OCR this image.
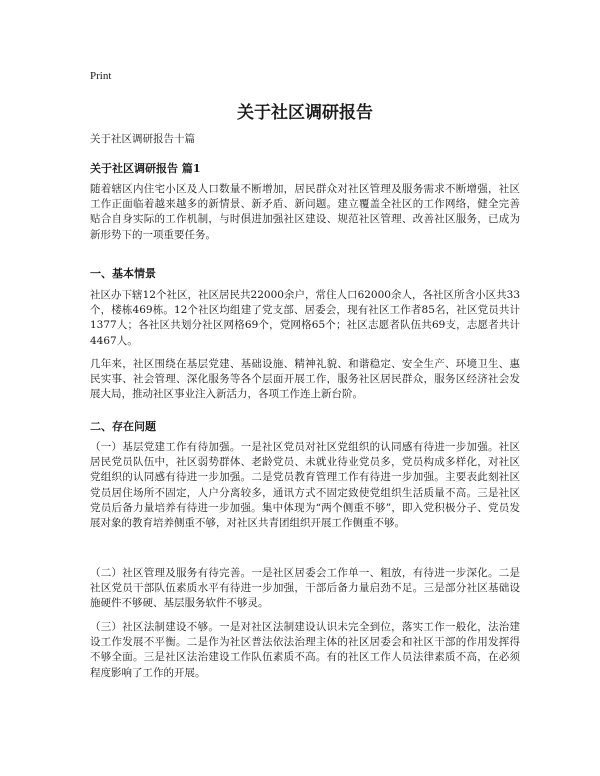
Print
关于社区调研报告
关于社区调研报告十篇
关于社区调研报告 篇1
随着辖区内住宅小区及人口数量不断增加，居民群众对社区管理及服务需求不断增强，社区工作正面临着越来越多的新情景、新矛盾、新问题。建立覆盖全社区的工作网络，健全完善贴合自身实际的工作机制，与时俱进加强社区建设、规范社区管理、改善社区服务，已成为新形势下的一项重要任务。
一、基本情景
社区办下辖12个社区，社区居民共22000余户，常住人口62000余人，各社区所含小区共33个，楼栋469栋。12个社区均组建了党支部、居委会，现有社区工作者85名，社区党员共计1377人；各社区共划分社区网格69个，党网格65个；社区志愿者队伍共69支，志愿者共计4467人。
几年来，社区围绕在基层党建、基础设施、精神礼貌、和谐稳定、安全生产、环境卫生、惠民实事、社会管理、深化服务等各个层面开展工作，服务社区居民群众，服务区经济社会发展大局，推动社区事业注入新活力，各项工作连上新台阶。
二、存在问题
（一）基层党建工作有待加强。一是社区党员对社区党组织的认同感有待进一步加强。社区居民党员队伍中，社区弱势群体、老龄党员、未就业待业党员多，党员构成多样化，对社区党组织的认同感有待进一步加强。二是党员教育管理工作有待进一步加强。主要表此刻社区党员居住场所不固定，人户分离较多，通讯方式不固定致使党组织生活质量不高。三是社区党员后备力量培养有待进一步加强。集中体现为“两个侧重不够”，即入党积极分子、党员发展对象的教育培养侧重不够，对社区共青团组织开展工作侧重不够。
（二）社区管理及服务有待完善。一是社区居委会工作单一、粗放，有待进一步深化。二是社区党员干部队伍素质水平有待进一步加强，干部后备力量启劲不足。三是部分社区基础设施硬件不够硬、基层服务软件不够灵。
（三）社区法制建设不够。一是对社区法制建设认识未完全到位，落实工作一般化，法治建设工作发展不平衡。二是作为社区普法依法治理主体的社区居委会和社区干部的作用发挥得不够全面。三是社区法治建设工作队伍素质不高。有的社区工作人员法律素质不高，在必须程度影响了工作的开展。
